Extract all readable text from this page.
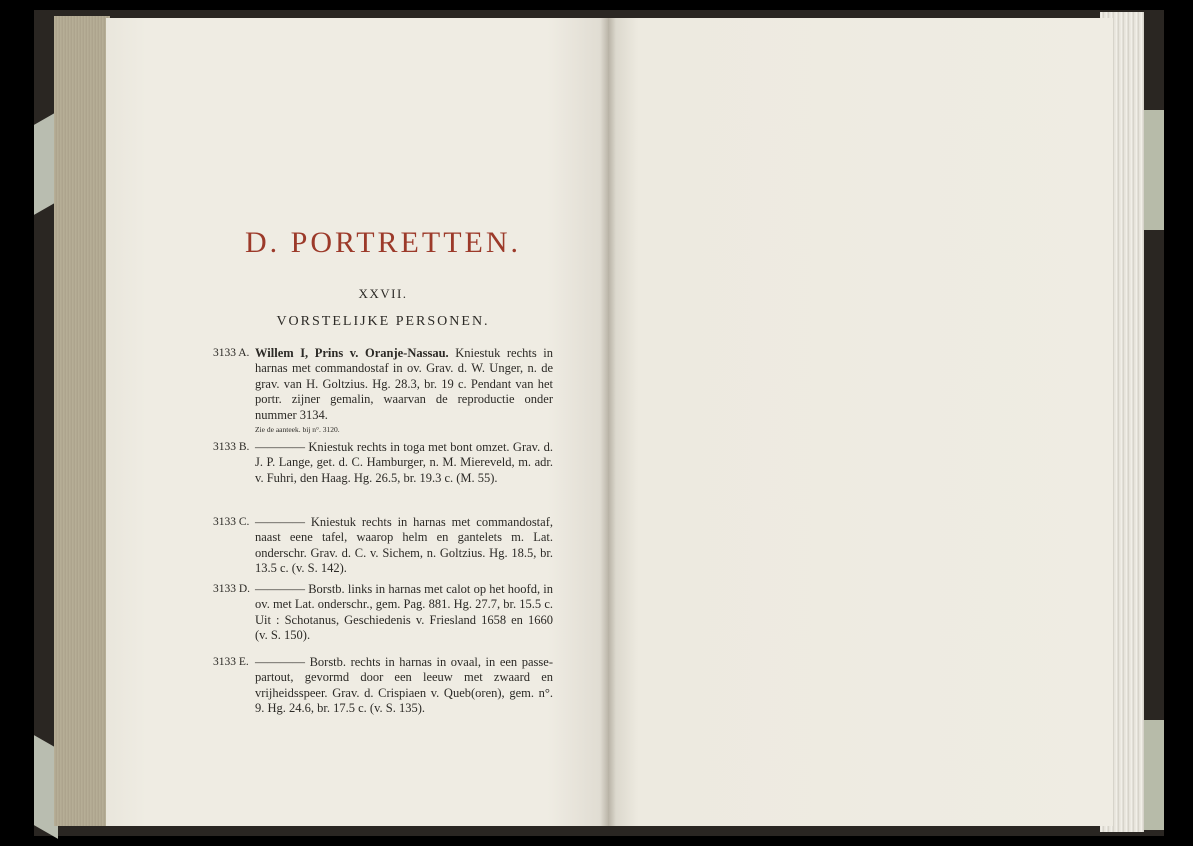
D. PORTRETTEN.
XXVII.
VORSTELIJKE PERSONEN.
3133 A. Willem I, Prins v. Oranje-Nassau. Kniestuk rechts in harnas met commandostaf in ov. Grav. d. W. Unger, n. de grav. van H. Goltzius. Hg. 28.3, br. 19 c. Pendant van het portr. zijner gemalin, waarvan de reproductie onder nummer 3134.
Zie de aanteek. bij n°. 3120.
3133 B. ———— Kniestuk rechts in toga met bont omzet. Grav. d. J. P. Lange, get. d. C. Hamburger, n. M. Miereveld, m. adr. v. Fuhri, den Haag. Hg. 26.5, br. 19.3 c. (M. 55).
3133 C. ———— Kniestuk rechts in harnas met commandostaf, naast eene tafel, waarop helm en gantelets m. Lat. onderschr. Grav. d. C. v. Sichem, n. Goltzius. Hg. 18.5, br. 13.5 c. (v. S. 142).
3133 D. ———— Borstb. links in harnas met calot op het hoofd, in ov. met Lat. onderschr., gem. Pag. 881. Hg. 27.7, br. 15.5 c. Uit : Schotanus, Geschiedenis v. Friesland 1658 en 1660 (v. S. 150).
3133 E. ———— Borstb. rechts in harnas in ovaal, in een passe-partout, gevormd door een leeuw met zwaard en vrijheidsspeer. Grav. d. Crispiaen v. Queb(oren), gem. n°. 9. Hg. 24.6, br. 17.5 c. (v. S. 135).
